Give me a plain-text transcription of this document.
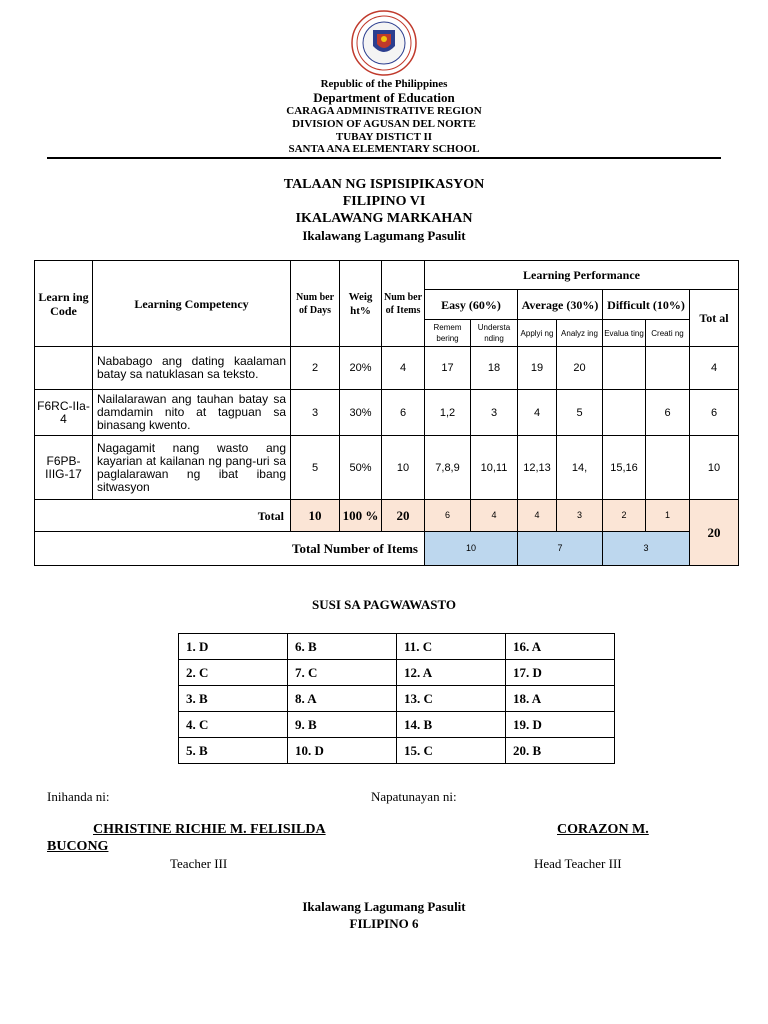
Republic of the Philippines
Department of Education
CARAGA ADMINISTRATIVE REGION
DIVISION OF AGUSAN DEL NORTE
TUBAY DISTICT II
SANTA ANA ELEMENTARY SCHOOL
TALAAN NG ISPISIPIKASYON
FILIPINO VI
IKALAWANG MARKAHAN
Ikalawang Lagumang Pasulit
Learn ing Code	Learning Competency	Num ber of Days	Weig ht%	Num ber of Items	Learning Performance						
					Easy (60%)		Average (30%)		Difficult (10%)		Tot al
					Remem bering	Understa nding	Applyi ng	Analyz ing	Evalua ting	Creati ng	
	Nababago ang dating kaalaman batay sa natuklasan sa teksto.	2	20%	4	17	18	19	20			4
F6RC-IIa-4	Nailalarawan ang tauhan batay sa damdamin nito at tagpuan sa binasang kwento.	3	30%	6	1,2	3	4	5		6	6
F6PB-IIIG-17	Nagagamit nang wasto ang kayarian at kailanan ng pang-uri sa paglalarawan ng ibat ibang sitwasyon	5	50%	10	7,8,9	10,11	12,13	14,	15,16		10
Total		10	100 %	20	6	4	4	3	2	1	20
		Total Number of Items			10		7		3		
SUSI SA PAGWAWASTO
1. D	6. B	11. C	16. A
2. C	7. C	12. A	17. D
3. B	8. A	13. C	18. A
4. C	9. B	14. B	19. D
5. B	10. D	15. C	20. B
Inihanda ni:	Napatunayan ni:
CHRISTINE RICHIE M. FELISILDA	CORAZON M.
BUCONG
Teacher III	Head Teacher III
Ikalawang Lagumang Pasulit
FILIPINO 6
